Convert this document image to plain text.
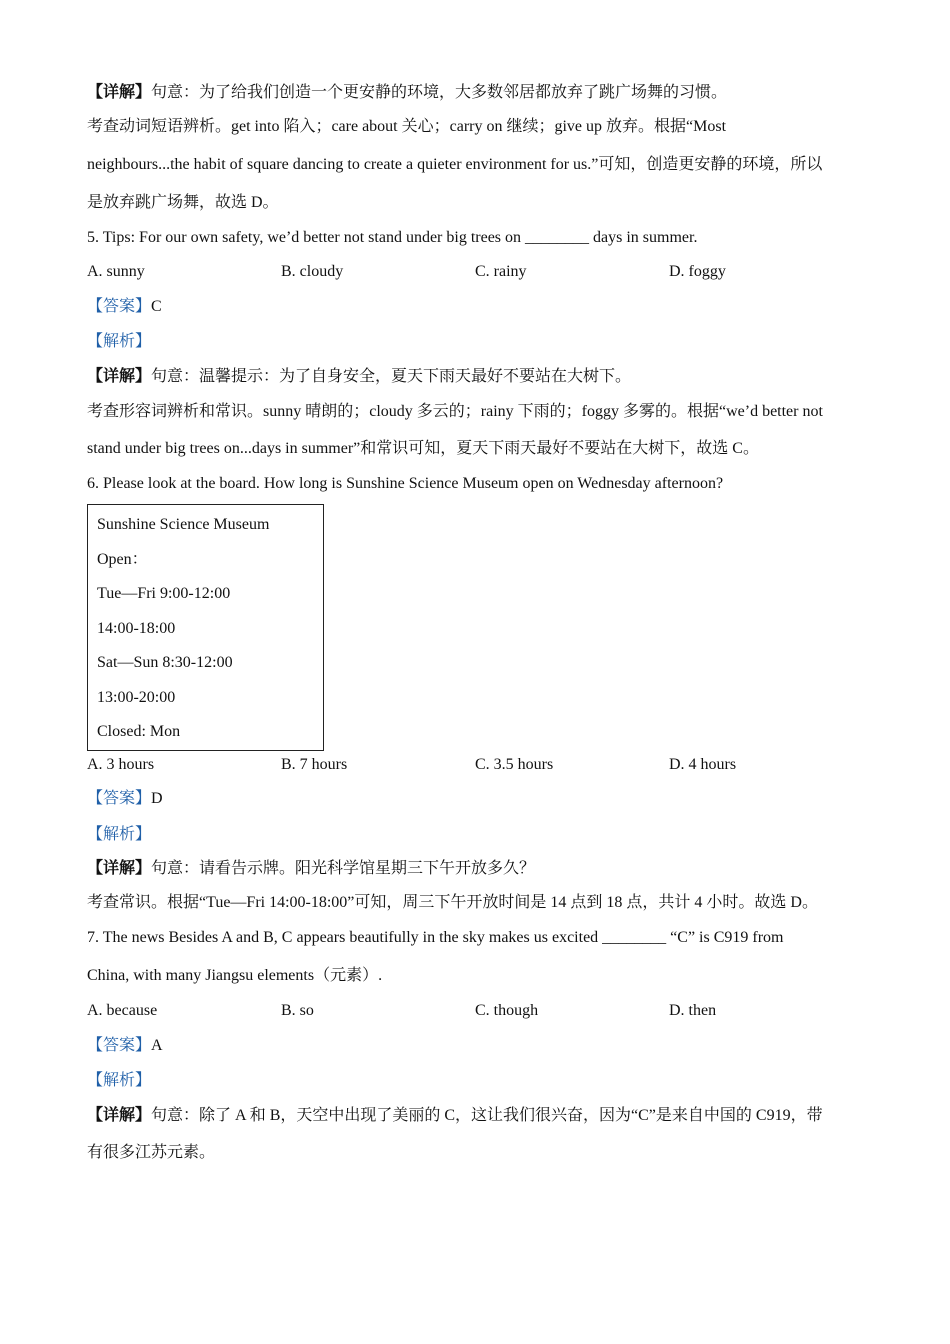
【详解】句意：为了给我们创造一个更安静的环境，大多数邻居都放弃了跳广场舞的习惯。
考查动词短语辨析。get into 陷入；care about 关心；carry on 继续；give up 放弃。根据“Most
neighbours...the habit of square dancing to create a quieter environment for us.”可知，创造更安静的环境，所以
是放弃跳广场舞，故选 D。
5. Tips: For our own safety, we’d better not stand under big trees on ________ days in summer.
A. sunny	B. cloudy	C. rainy	D. foggy
【答案】C
【解析】
【详解】句意：温馨提示：为了自身安全，夏天下雨天最好不要站在大树下。
考查形容词辨析和常识。sunny 晴朗的；cloudy 多云的；rainy 下雨的；foggy 多雾的。根据“we’d better not
stand under big trees on...days in summer”和常识可知，夏天下雨天最好不要站在大树下，故选 C。
6. Please look at the board. How long is Sunshine Science Museum open on Wednesday afternoon?
Sunshine Science Museum
Open：
Tue—Fri 9:00-12:00
14:00-18:00
Sat—Sun 8:30-12:00
13:00-20:00
Closed: Mon
A. 3 hours	B. 7 hours	C. 3.5 hours	D. 4 hours
【答案】D
【解析】
【详解】句意：请看告示牌。阳光科学馆星期三下午开放多久？
考查常识。根据“Tue—Fri 14:00-18:00”可知，周三下午开放时间是 14 点到 18 点，共计 4 小时。故选 D。
7. The news Besides A and B, C appears beautifully in the sky makes us excited ________ “C” is C919 from
China, with many Jiangsu elements（元素）.
A. because	B. so	C. though	D. then
【答案】A
【解析】
【详解】句意：除了 A 和 B，天空中出现了美丽的 C，这让我们很兴奋，因为“C”是来自中国的 C919，带
有很多江苏元素。
